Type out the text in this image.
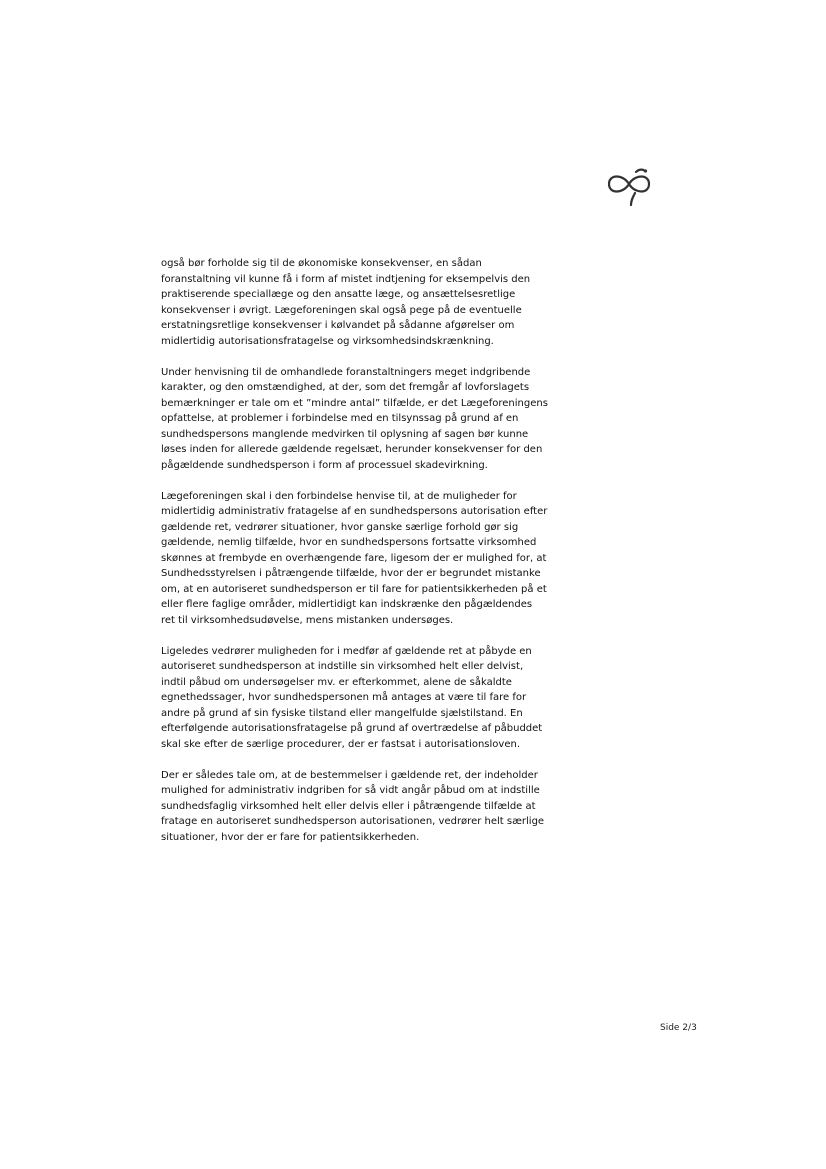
også bør forholde sig til de økonomiske konsekvenser, en sådan
foranstaltning vil kunne få i form af mistet indtjening for eksempelvis den
praktiserende speciallæge og den ansatte læge, og ansættelsesretlige
konsekvenser i øvrigt. Lægeforeningen skal også pege på de eventuelle
erstatningsretlige konsekvenser i kølvandet på sådanne afgørelser om
midlertidig autorisationsfratagelse og virksomhedsindskrænkning.

Under henvisning til de omhandlede foranstaltningers meget indgribende
karakter, og den omstændighed, at der, som det fremgår af lovforslagets
bemærkninger er tale om et ”mindre antal” tilfælde, er det Lægeforeningens
opfattelse, at problemer i forbindelse med en tilsynssag på grund af en
sundhedspersons manglende medvirken til oplysning af sagen bør kunne
løses inden for allerede gældende regelsæt, herunder konsekvenser for den
pågældende sundhedsperson i form af processuel skadevirkning.

Lægeforeningen skal i den forbindelse henvise til, at de muligheder for
midlertidig administrativ fratagelse af en sundhedspersons autorisation efter
gældende ret, vedrører situationer, hvor ganske særlige forhold gør sig
gældende, nemlig tilfælde, hvor en sundhedspersons fortsatte virksomhed
skønnes at frembyde en overhængende fare, ligesom der er mulighed for, at
Sundhedsstyrelsen i påtrængende tilfælde, hvor der er begrundet mistanke
om, at en autoriseret sundhedsperson er til fare for patientsikkerheden på et
eller flere faglige områder, midlertidigt kan indskrænke den pågældendes
ret til virksomhedsudøvelse, mens mistanken undersøges.

Ligeledes vedrører muligheden for i medfør af gældende ret at påbyde en
autoriseret sundhedsperson at indstille sin virksomhed helt eller delvist,
indtil påbud om undersøgelser mv. er efterkommet, alene de såkaldte
egnethedssager, hvor sundhedspersonen må antages at være til fare for
andre på grund af sin fysiske tilstand eller mangelfulde sjælstilstand. En
efterfølgende autorisationsfratagelse på grund af overtrædelse af påbuddet
skal ske efter de særlige procedurer, der er fastsat i autorisationsloven.

Der er således tale om, at de bestemmelser i gældende ret, der indeholder
mulighed for administrativ indgriben for så vidt angår påbud om at indstille
sundhedsfaglig virksomhed helt eller delvis eller i påtrængende tilfælde at
fratage en autoriseret sundhedsperson autorisationen, vedrører helt særlige
situationer, hvor der er fare for patientsikkerheden.

Side 2/3
